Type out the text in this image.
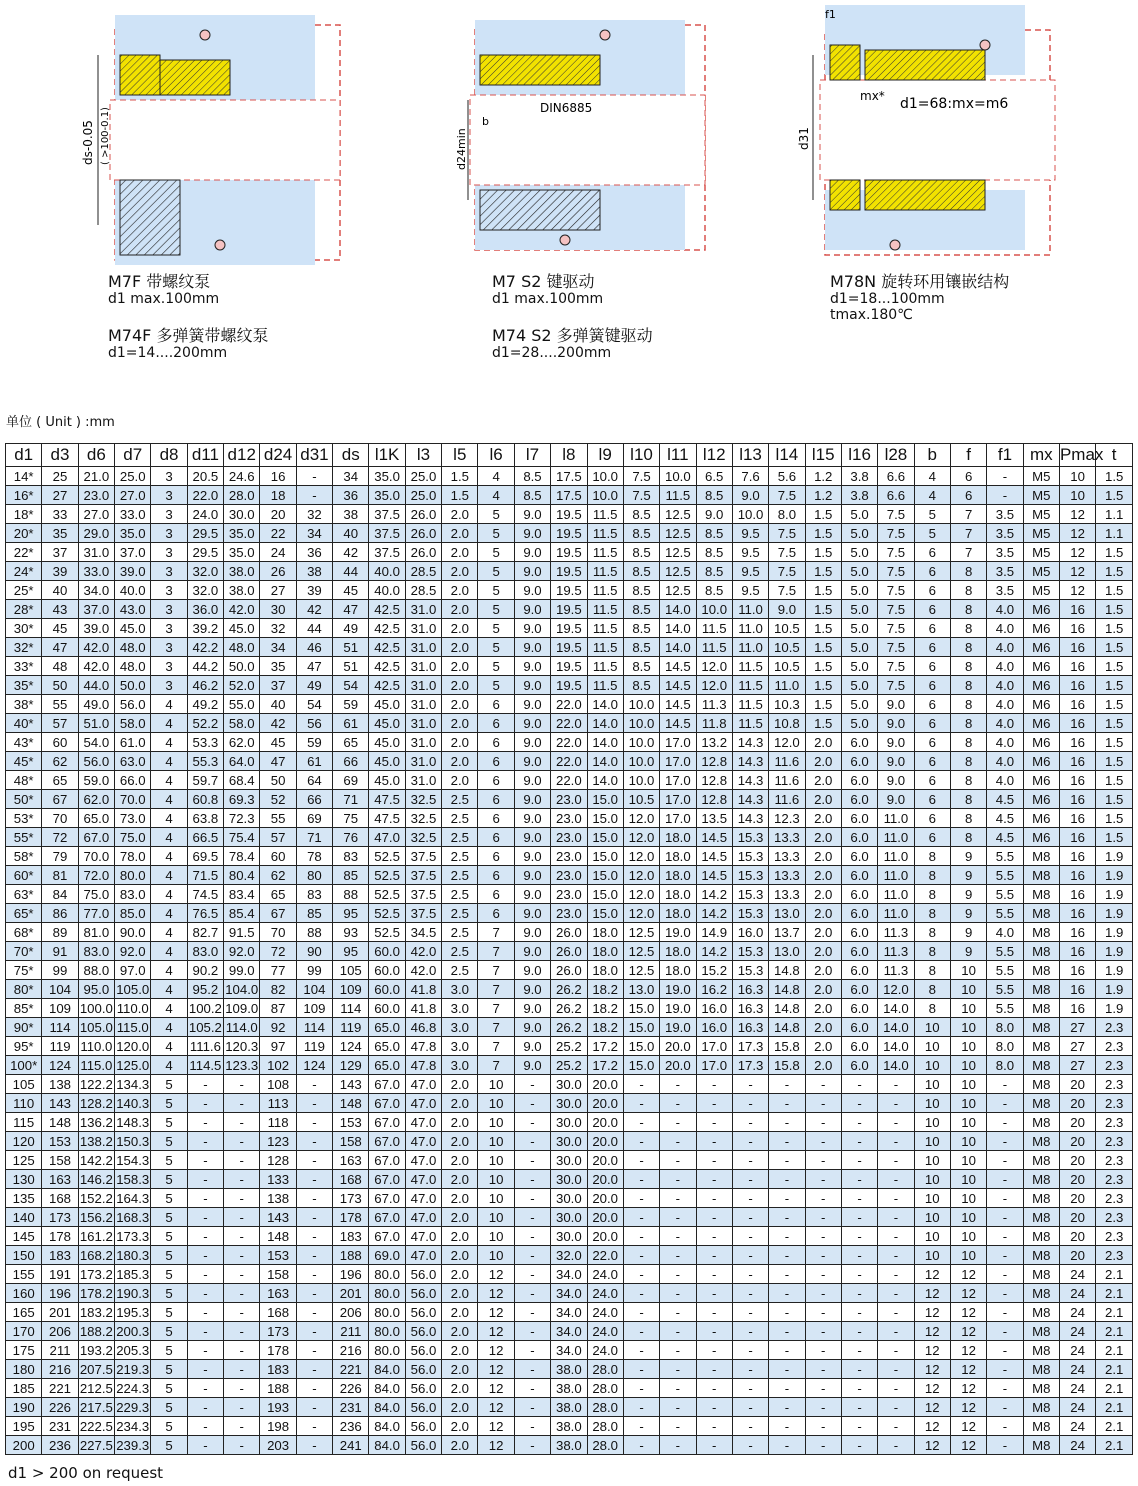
ds-0.05 ( >100-0.1)	DIN6885
d24min
b
f1
mx* d1=68:mx=m6
d31
M7F 带螺纹泵
d1 max.100mm
M74F 多弹簧带螺纹泵
d1=14....200mm
M7 S2 键驱动
d1 max.100mm
M74 S2 多弹簧键驱动
d1=28....200mm
M78N 旋转环用镶嵌结构
d1=18...100mm
tmax.180℃
单位 ( Unit ) :mm
d1	d3	d6	d7	d8	d11	d12	d24	d31	ds	l1K	l3	l5	l6	l7	l8	l9	l10	l11	l12	l13	l14	l15	l16	l28	b	f	f1	mx	Pmax	t
14*	25	21.0	25.0	3	20.5	24.6	16	-	34	35.0	25.0	1.5	4	8.5	17.5	10.0	7.5	10.0	6.5	7.6	5.6	1.2	3.8	6.6	4	6	-	M5	10	1.5
16*	27	23.0	27.0	3	22.0	28.0	18	-	36	35.0	25.0	1.5	4	8.5	17.5	10.0	7.5	11.5	8.5	9.0	7.5	1.2	3.8	6.6	4	6	-	M5	10	1.5
18*	33	27.0	33.0	3	24.0	30.0	20	32	38	37.5	26.0	2.0	5	9.0	19.5	11.5	8.5	12.5	9.0	10.0	8.0	1.5	5.0	7.5	5	7	3.5	M5	12	1.1
20*	35	29.0	35.0	3	29.5	35.0	22	34	40	37.5	26.0	2.0	5	9.0	19.5	11.5	8.5	12.5	8.5	9.5	7.5	1.5	5.0	7.5	5	7	3.5	M5	12	1.1
22*	37	31.0	37.0	3	29.5	35.0	24	36	42	37.5	26.0	2.0	5	9.0	19.5	11.5	8.5	12.5	8.5	9.5	7.5	1.5	5.0	7.5	6	7	3.5	M5	12	1.5
24*	39	33.0	39.0	3	32.0	38.0	26	38	44	40.0	28.5	2.0	5	9.0	19.5	11.5	8.5	12.5	8.5	9.5	7.5	1.5	5.0	7.5	6	8	3.5	M5	12	1.5
25*	40	34.0	40.0	3	32.0	38.0	27	39	45	40.0	28.5	2.0	5	9.0	19.5	11.5	8.5	12.5	8.5	9.5	7.5	1.5	5.0	7.5	6	8	3.5	M5	12	1.5
28*	43	37.0	43.0	3	36.0	42.0	30	42	47	42.5	31.0	2.0	5	9.0	19.5	11.5	8.5	14.0	10.0	11.0	9.0	1.5	5.0	7.5	6	8	4.0	M6	16	1.5
30*	45	39.0	45.0	3	39.2	45.0	32	44	49	42.5	31.0	2.0	5	9.0	19.5	11.5	8.5	14.0	11.5	11.0	10.5	1.5	5.0	7.5	6	8	4.0	M6	16	1.5
32*	47	42.0	48.0	3	42.2	48.0	34	46	51	42.5	31.0	2.0	5	9.0	19.5	11.5	8.5	14.0	11.5	11.0	10.5	1.5	5.0	7.5	6	8	4.0	M6	16	1.5
33*	48	42.0	48.0	3	44.2	50.0	35	47	51	42.5	31.0	2.0	5	9.0	19.5	11.5	8.5	14.5	12.0	11.5	10.5	1.5	5.0	7.5	6	8	4.0	M6	16	1.5
35*	50	44.0	50.0	3	46.2	52.0	37	49	54	42.5	31.0	2.0	5	9.0	19.5	11.5	8.5	14.5	12.0	11.5	11.0	1.5	5.0	7.5	6	8	4.0	M6	16	1.5
38*	55	49.0	56.0	4	49.2	55.0	40	54	59	45.0	31.0	2.0	6	9.0	22.0	14.0	10.0	14.5	11.3	11.5	10.3	1.5	5.0	9.0	6	8	4.0	M6	16	1.5
40*	57	51.0	58.0	4	52.2	58.0	42	56	61	45.0	31.0	2.0	6	9.0	22.0	14.0	10.0	14.5	11.8	11.5	10.8	1.5	5.0	9.0	6	8	4.0	M6	16	1.5
43*	60	54.0	61.0	4	53.3	62.0	45	59	65	45.0	31.0	2.0	6	9.0	22.0	14.0	10.0	17.0	13.2	14.3	12.0	2.0	6.0	9.0	6	8	4.0	M6	16	1.5
45*	62	56.0	63.0	4	55.3	64.0	47	61	66	45.0	31.0	2.0	6	9.0	22.0	14.0	10.0	17.0	12.8	14.3	11.6	2.0	6.0	9.0	6	8	4.0	M6	16	1.5
48*	65	59.0	66.0	4	59.7	68.4	50	64	69	45.0	31.0	2.0	6	9.0	22.0	14.0	10.0	17.0	12.8	14.3	11.6	2.0	6.0	9.0	6	8	4.0	M6	16	1.5
50*	67	62.0	70.0	4	60.8	69.3	52	66	71	47.5	32.5	2.5	6	9.0	23.0	15.0	10.5	17.0	12.8	14.3	11.6	2.0	6.0	9.0	6	8	4.5	M6	16	1.5
53*	70	65.0	73.0	4	63.8	72.3	55	69	75	47.5	32.5	2.5	6	9.0	23.0	15.0	12.0	17.0	13.5	14.3	12.3	2.0	6.0	11.0	6	8	4.5	M6	16	1.5
55*	72	67.0	75.0	4	66.5	75.4	57	71	76	47.0	32.5	2.5	6	9.0	23.0	15.0	12.0	18.0	14.5	15.3	13.3	2.0	6.0	11.0	6	8	4.5	M6	16	1.5
58*	79	70.0	78.0	4	69.5	78.4	60	78	83	52.5	37.5	2.5	6	9.0	23.0	15.0	12.0	18.0	14.5	15.3	13.3	2.0	6.0	11.0	8	9	5.5	M8	16	1.9
60*	81	72.0	80.0	4	71.5	80.4	62	80	85	52.5	37.5	2.5	6	9.0	23.0	15.0	12.0	18.0	14.5	15.3	13.3	2.0	6.0	11.0	8	9	5.5	M8	16	1.9
63*	84	75.0	83.0	4	74.5	83.4	65	83	88	52.5	37.5	2.5	6	9.0	23.0	15.0	12.0	18.0	14.2	15.3	13.3	2.0	6.0	11.0	8	9	5.5	M8	16	1.9
65*	86	77.0	85.0	4	76.5	85.4	67	85	95	52.5	37.5	2.5	6	9.0	23.0	15.0	12.0	18.0	14.2	15.3	13.0	2.0	6.0	11.0	8	9	5.5	M8	16	1.9
68*	89	81.0	90.0	4	82.7	91.5	70	88	93	52.5	34.5	2.5	7	9.0	26.0	18.0	12.5	19.0	14.9	16.0	13.7	2.0	6.0	11.3	8	9	4.0	M8	16	1.9
70*	91	83.0	92.0	4	83.0	92.0	72	90	95	60.0	42.0	2.5	7	9.0	26.0	18.0	12.5	18.0	14.2	15.3	13.0	2.0	6.0	11.3	8	9	5.5	M8	16	1.9
75*	99	88.0	97.0	4	90.2	99.0	77	99	105	60.0	42.0	2.5	7	9.0	26.0	18.0	12.5	18.0	15.2	15.3	14.8	2.0	6.0	11.3	8	10	5.5	M8	16	1.9
80*	104	95.0	105.0	4	95.2	104.0	82	104	109	60.0	41.8	3.0	7	9.0	26.2	18.2	13.0	19.0	16.2	16.3	14.8	2.0	6.0	12.0	8	10	5.5	M8	16	1.9
85*	109	100.0	110.0	4	100.2	109.0	87	109	114	60.0	41.8	3.0	7	9.0	26.2	18.2	15.0	19.0	16.0	16.3	14.8	2.0	6.0	14.0	8	10	5.5	M8	16	1.9
90*	114	105.0	115.0	4	105.2	114.0	92	114	119	65.0	46.8	3.0	7	9.0	26.2	18.2	15.0	19.0	16.0	16.3	14.8	2.0	6.0	14.0	10	10	8.0	M8	27	2.3
95*	119	110.0	120.0	4	111.6	120.3	97	119	124	65.0	47.8	3.0	7	9.0	25.2	17.2	15.0	20.0	17.0	17.3	15.8	2.0	6.0	14.0	10	10	8.0	M8	27	2.3
100*	124	115.0	125.0	4	114.5	123.3	102	124	129	65.0	47.8	3.0	7	9.0	25.2	17.2	15.0	20.0	17.0	17.3	15.8	2.0	6.0	14.0	10	10	8.0	M8	27	2.3
105	138	122.2	134.3	5	-	-	108	-	143	67.0	47.0	2.0	10	-	30.0	20.0	-	-	-	-	-	-	-	-	10	10	-	M8	20	2.3
110	143	128.2	140.3	5	-	-	113	-	148	67.0	47.0	2.0	10	-	30.0	20.0	-	-	-	-	-	-	-	-	10	10	-	M8	20	2.3
115	148	136.2	148.3	5	-	-	118	-	153	67.0	47.0	2.0	10	-	30.0	20.0	-	-	-	-	-	-	-	-	10	10	-	M8	20	2.3
120	153	138.2	150.3	5	-	-	123	-	158	67.0	47.0	2.0	10	-	30.0	20.0	-	-	-	-	-	-	-	-	10	10	-	M8	20	2.3
125	158	142.2	154.3	5	-	-	128	-	163	67.0	47.0	2.0	10	-	30.0	20.0	-	-	-	-	-	-	-	-	10	10	-	M8	20	2.3
130	163	146.2	158.3	5	-	-	133	-	168	67.0	47.0	2.0	10	-	30.0	20.0	-	-	-	-	-	-	-	-	10	10	-	M8	20	2.3
135	168	152.2	164.3	5	-	-	138	-	173	67.0	47.0	2.0	10	-	30.0	20.0	-	-	-	-	-	-	-	-	10	10	-	M8	20	2.3
140	173	156.2	168.3	5	-	-	143	-	178	67.0	47.0	2.0	10	-	30.0	20.0	-	-	-	-	-	-	-	-	10	10	-	M8	20	2.3
145	178	161.2	173.3	5	-	-	148	-	183	67.0	47.0	2.0	10	-	30.0	20.0	-	-	-	-	-	-	-	-	10	10	-	M8	20	2.3
150	183	168.2	180.3	5	-	-	153	-	188	69.0	47.0	2.0	10	-	32.0	22.0	-	-	-	-	-	-	-	-	10	10	-	M8	20	2.3
155	191	173.2	185.3	5	-	-	158	-	196	80.0	56.0	2.0	12	-	34.0	24.0	-	-	-	-	-	-	-	-	12	12	-	M8	24	2.1
160	196	178.2	190.3	5	-	-	163	-	201	80.0	56.0	2.0	12	-	34.0	24.0	-	-	-	-	-	-	-	-	12	12	-	M8	24	2.1
165	201	183.2	195.3	5	-	-	168	-	206	80.0	56.0	2.0	12	-	34.0	24.0	-	-	-	-	-	-	-	-	12	12	-	M8	24	2.1
170	206	188.2	200.3	5	-	-	173	-	211	80.0	56.0	2.0	12	-	34.0	24.0	-	-	-	-	-	-	-	-	12	12	-	M8	24	2.1
175	211	193.2	205.3	5	-	-	178	-	216	80.0	56.0	2.0	12	-	34.0	24.0	-	-	-	-	-	-	-	-	12	12	-	M8	24	2.1
180	216	207.5	219.3	5	-	-	183	-	221	84.0	56.0	2.0	12	-	38.0	28.0	-	-	-	-	-	-	-	-	12	12	-	M8	24	2.1
185	221	212.5	224.3	5	-	-	188	-	226	84.0	56.0	2.0	12	-	38.0	28.0	-	-	-	-	-	-	-	-	12	12	-	M8	24	2.1
190	226	217.5	229.3	5	-	-	193	-	231	84.0	56.0	2.0	12	-	38.0	28.0	-	-	-	-	-	-	-	-	12	12	-	M8	24	2.1
195	231	222.5	234.3	5	-	-	198	-	236	84.0	56.0	2.0	12	-	38.0	28.0	-	-	-	-	-	-	-	-	12	12	-	M8	24	2.1
200	236	227.5	239.3	5	-	-	203	-	241	84.0	56.0	2.0	12	-	38.0	28.0	-	-	-	-	-	-	-	-	12	12	-	M8	24	2.1
d1 > 200 on request
